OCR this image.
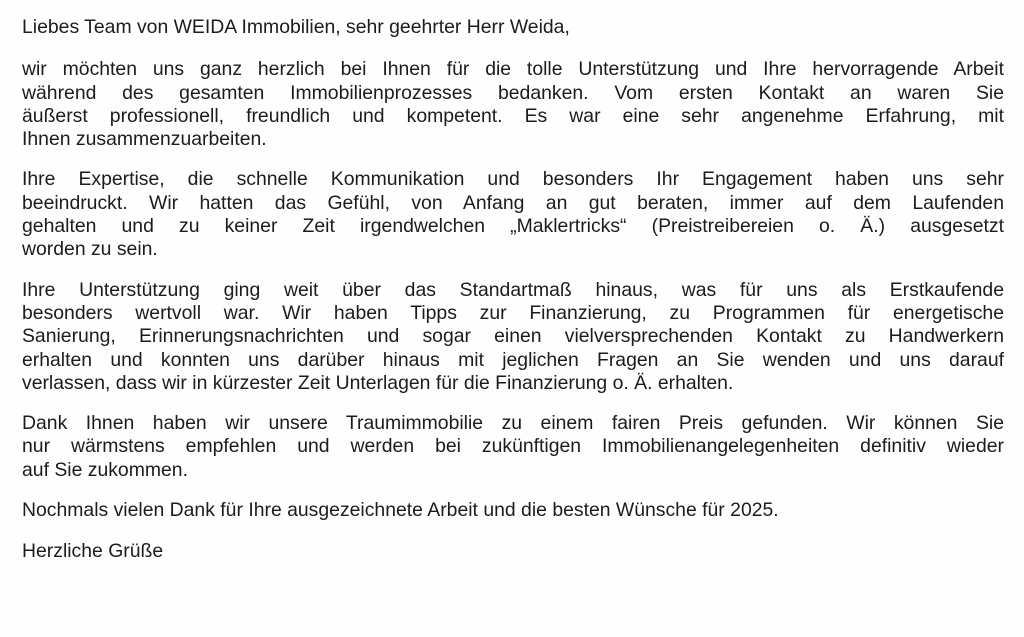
Liebes Team von WEIDA Immobilien, sehr geehrter Herr Weida,
wir möchten uns ganz herzlich bei Ihnen für die tolle Unterstützung und Ihre hervorragende Arbeit
während des gesamten Immobilienprozesses bedanken. Vom ersten Kontakt an waren Sie
äußerst professionell, freundlich und kompetent. Es war eine sehr angenehme Erfahrung, mit
Ihnen zusammenzuarbeiten.
Ihre Expertise, die schnelle Kommunikation und besonders Ihr Engagement haben uns sehr
beeindruckt. Wir hatten das Gefühl, von Anfang an gut beraten, immer auf dem Laufenden
gehalten und zu keiner Zeit irgendwelchen „Maklertricks“ (Preistreibereien o. Ä.) ausgesetzt
worden zu sein.
Ihre Unterstützung ging weit über das Standartmaß hinaus, was für uns als Erstkaufende
besonders wertvoll war. Wir haben Tipps zur Finanzierung, zu Programmen für energetische
Sanierung, Erinnerungsnachrichten und sogar einen vielversprechenden Kontakt zu Handwerkern
erhalten und konnten uns darüber hinaus mit jeglichen Fragen an Sie wenden und uns darauf
verlassen, dass wir in kürzester Zeit Unterlagen für die Finanzierung o. Ä. erhalten.
Dank Ihnen haben wir unsere Traumimmobilie zu einem fairen Preis gefunden. Wir können Sie
nur wärmstens empfehlen und werden bei zukünftigen Immobilienangelegenheiten definitiv wieder
auf Sie zukommen.
Nochmals vielen Dank für Ihre ausgezeichnete Arbeit und die besten Wünsche für 2025.
Herzliche Grüße
